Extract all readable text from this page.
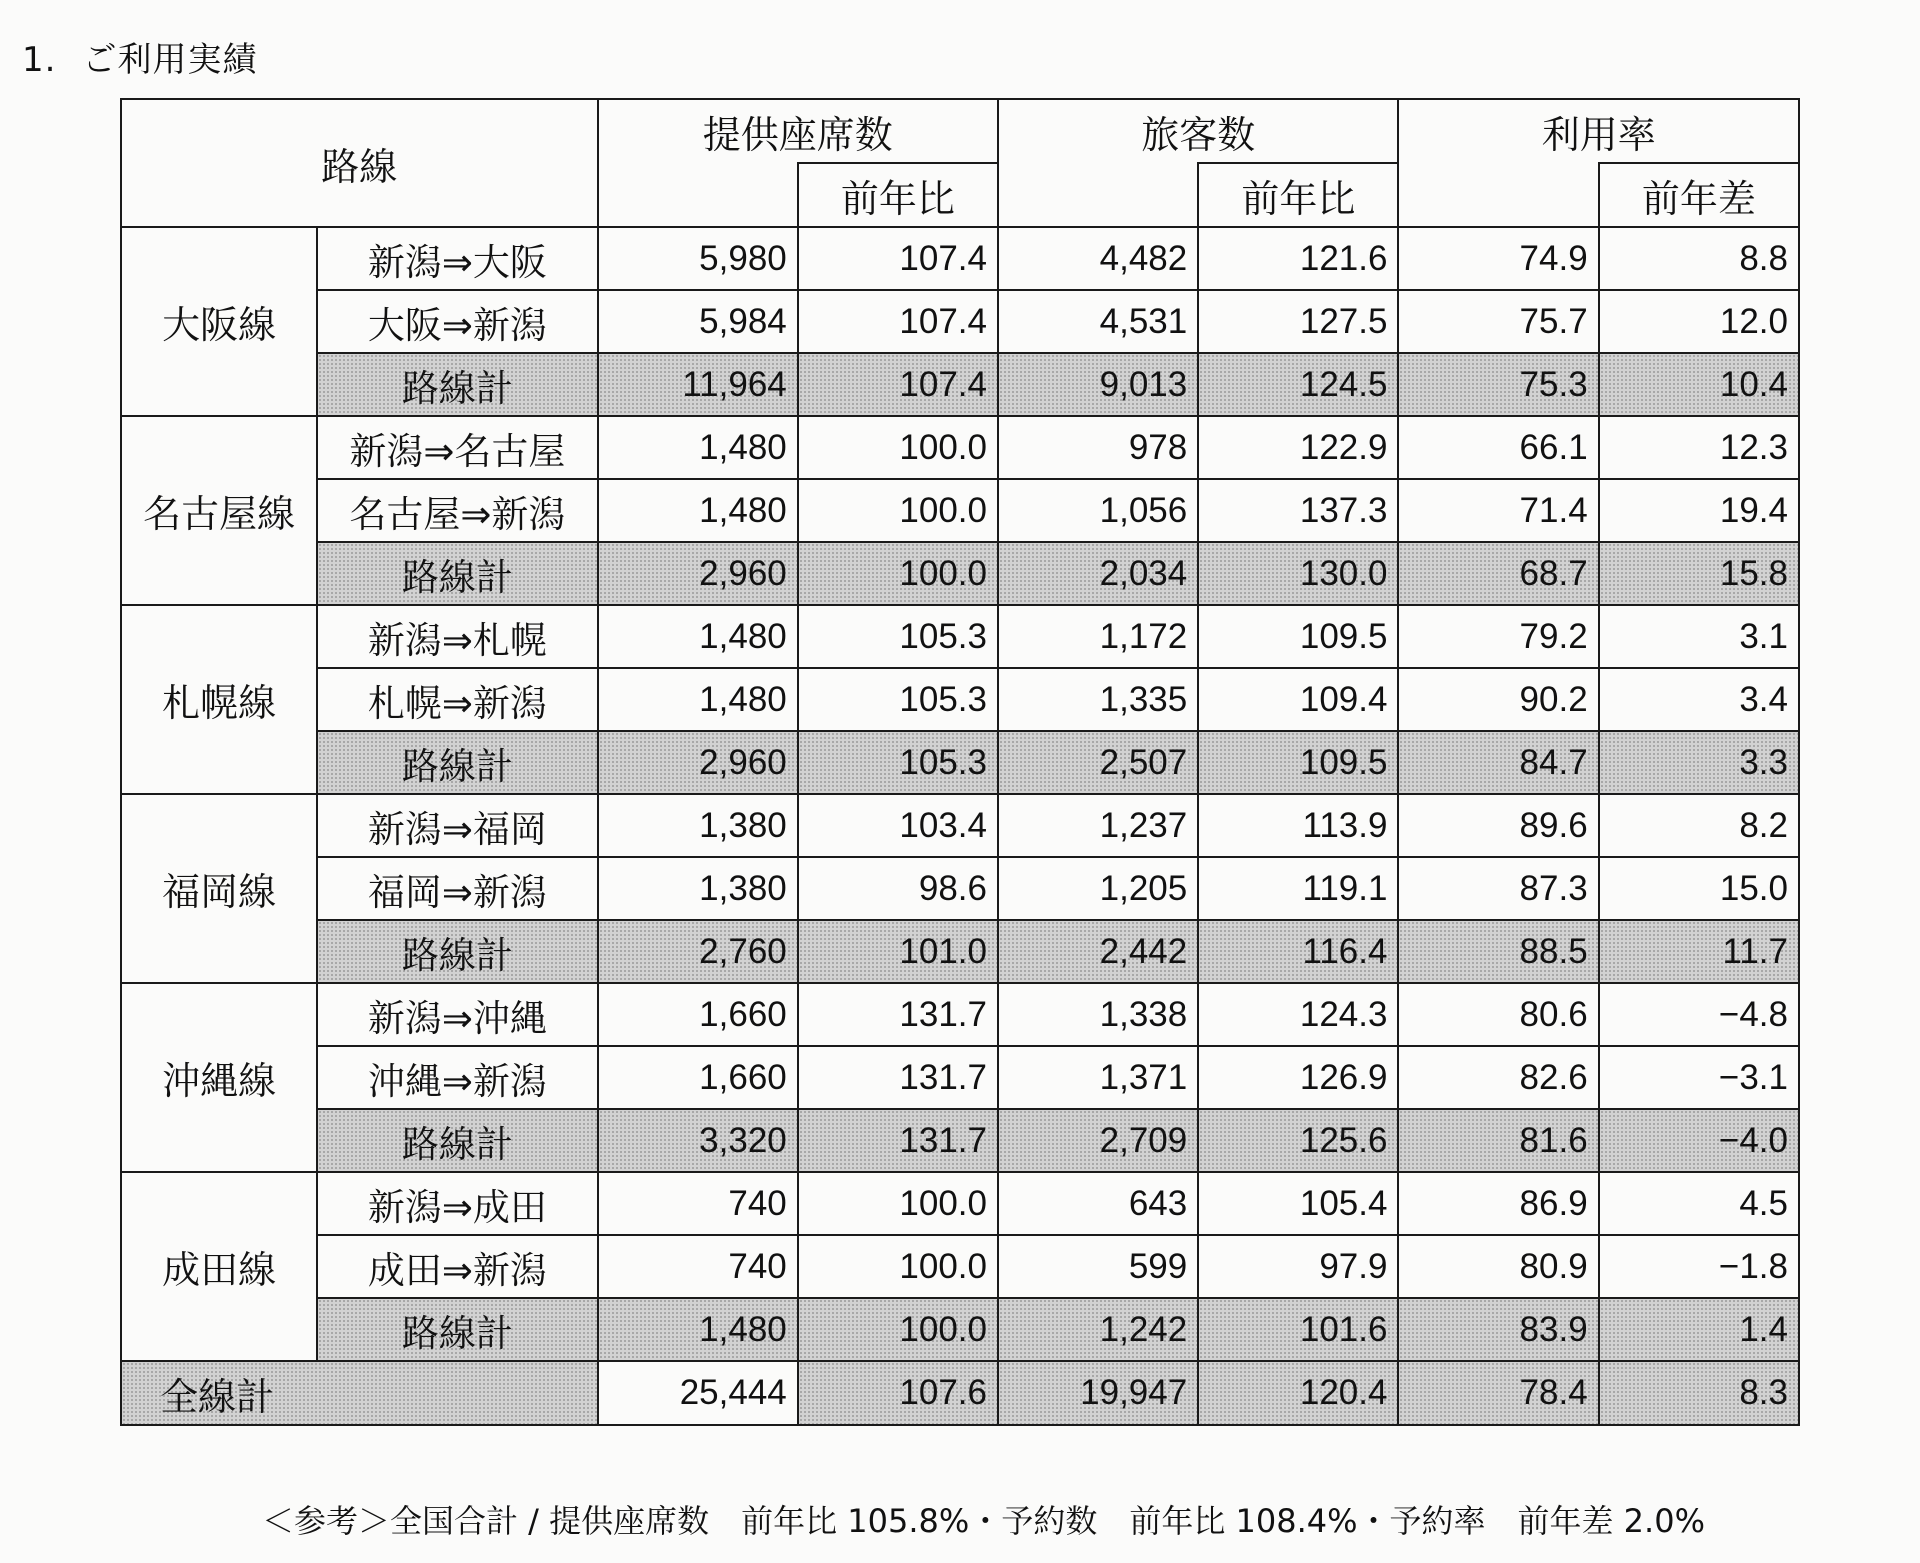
1. ご利用実績
路線		提供座席数		旅客数		利用率	
			前年比		前年比		前年差
大阪線	新潟⇒大阪	5,980	107.4	4,482	121.6	74.9	8.8
	大阪⇒新潟	5,984	107.4	4,531	127.5	75.7	12.0
	路線計	11,964	107.4	9,013	124.5	75.3	10.4
名古屋線	新潟⇒名古屋	1,480	100.0	978	122.9	66.1	12.3
	名古屋⇒新潟	1,480	100.0	1,056	137.3	71.4	19.4
	路線計	2,960	100.0	2,034	130.0	68.7	15.8
札幌線	新潟⇒札幌	1,480	105.3	1,172	109.5	79.2	3.1
	札幌⇒新潟	1,480	105.3	1,335	109.4	90.2	3.4
	路線計	2,960	105.3	2,507	109.5	84.7	3.3
福岡線	新潟⇒福岡	1,380	103.4	1,237	113.9	89.6	8.2
	福岡⇒新潟	1,380	98.6	1,205	119.1	87.3	15.0
	路線計	2,760	101.0	2,442	116.4	88.5	11.7
沖縄線	新潟⇒沖縄	1,660	131.7	1,338	124.3	80.6	−4.8
	沖縄⇒新潟	1,660	131.7	1,371	126.9	82.6	−3.1
	路線計	3,320	131.7	2,709	125.6	81.6	−4.0
成田線	新潟⇒成田	740	100.0	643	105.4	86.9	4.5
	成田⇒新潟	740	100.0	599	97.9	80.9	−1.8
	路線計	1,480	100.0	1,242	101.6	83.9	1.4
全線計		25,444	107.6	19,947	120.4	78.4	8.3
＜参考＞全国合計 / 提供座席数　前年比 105.8%・予約数　前年比 108.4%・予約率　前年差 2.0%
